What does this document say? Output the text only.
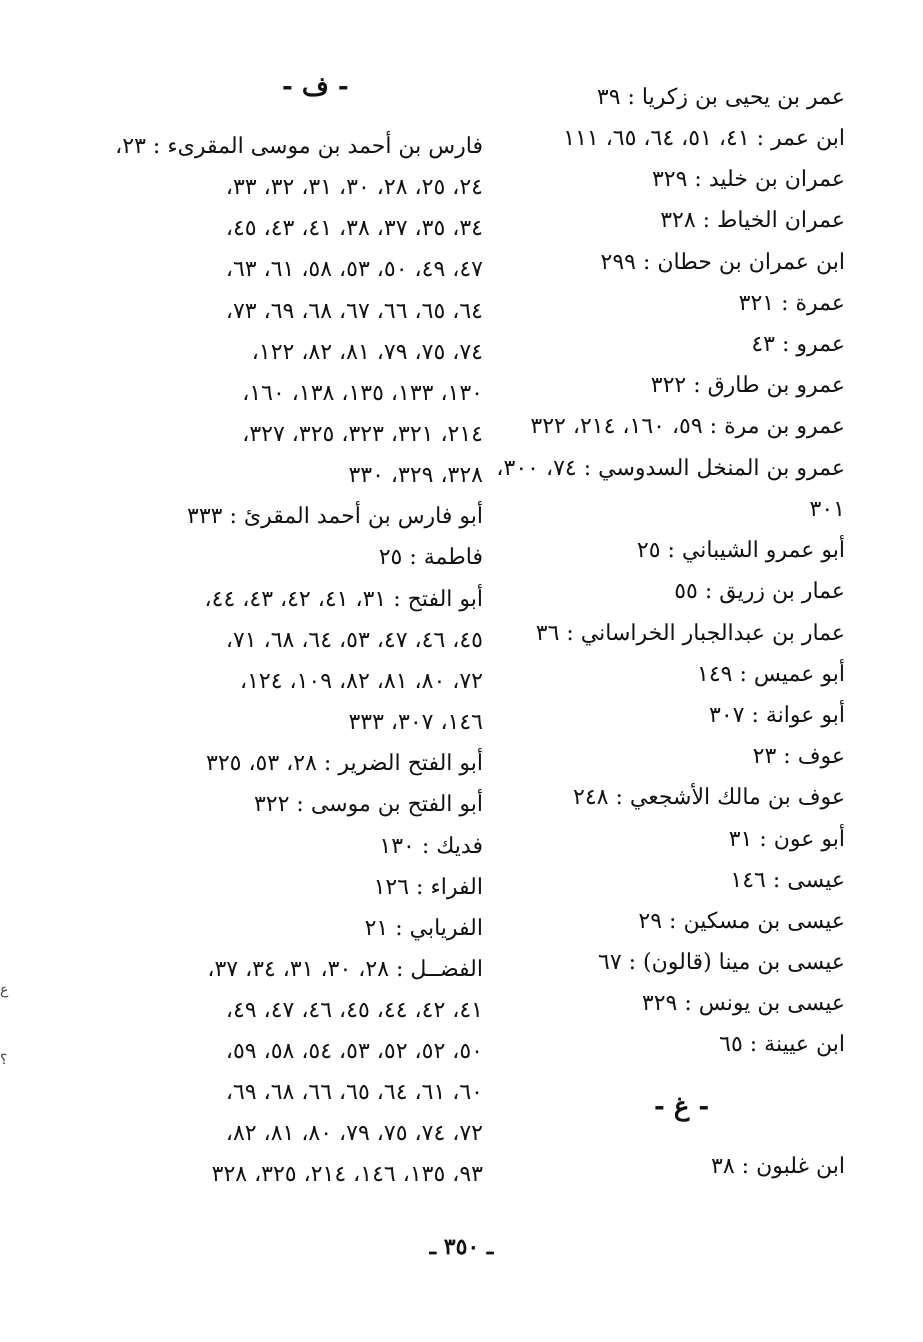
- ف -	عمر بن يحيى بن زكريا : ٣٩
ابن عمر : ٤١، ٥١، ٦٤، ٦٥، ١١١
عمران بن خليد : ٣٢٩
عمران الخياط : ٣٢٨
ابن عمران بن حطان : ٢٩٩
عمرة : ٣٢١
عمرو : ٤٣
عمرو بن طارق : ٣٢٢
عمرو بن مرة : ٥٩، ١٦٠، ٢١٤، ٣٢٢
عمرو بن المنخل السدوسي : ٧٤، ٣٠٠،
٣٠١
أبو عمرو الشيباني : ٢٥
عمار بن زريق : ٥٥
عمار بن عبدالجبار الخراساني : ٣٦
أبو عميس : ١٤٩
أبو عوانة : ٣٠٧
عوف : ٢٣
عوف بن مالك الأشجعي : ٢٤٨
أبو عون : ٣١
عيسى : ١٤٦
عيسى بن مسكين : ٢٩
عيسى بن مينا (قالون) : ٦٧
عيسى بن يونس : ٣٢٩
ابن عيينة : ٦٥
ابن غلبون : ٣٨
- غ -
فارس بن أحمد بن موسى المقرىء : ٢٣،
٢٤، ٢٥، ٢٨، ٣٠، ٣١، ٣٢، ٣٣،
٣٤، ٣٥، ٣٧، ٣٨، ٤١، ٤٣، ٤٥،
٤٧، ٤٩، ٥٠، ٥٣، ٥٨، ٦١، ٦٣،
٦٤، ٦٥، ٦٦، ٦٧، ٦٨، ٦٩، ٧٣،
٧٤، ٧٥، ٧٩، ٨١، ٨٢، ١٢٢،
١٣٠، ١٣٣، ١٣٥، ١٣٨، ١٦٠،
٢١٤، ٣٢١، ٣٢٣، ٣٢٥، ٣٢٧،
٣٢٨، ٣٢٩، ٣٣٠
أبو فارس بن أحمد المقرئ : ٣٣٣
فاطمة : ٢٥
أبو الفتح : ٣١، ٤١، ٤٢، ٤٣، ٤٤،
٤٥، ٤٦، ٤٧، ٥٣، ٦٤، ٦٨، ٧١،
٧٢، ٨٠، ٨١، ٨٢، ١٠٩، ١٢٤،
١٤٦، ٣٠٧، ٣٣٣
أبو الفتح الضرير : ٢٨، ٥٣، ٣٢٥
أبو الفتح بن موسى : ٣٢٢
فديك : ١٣٠
الفراء : ١٢٦
الفريابي : ٢١
الفضــل : ٢٨، ٣٠، ٣١، ٣٤، ٣٧،
٤١، ٤٢، ٤٤، ٤٥، ٤٦، ٤٧، ٤٩،
٥٠، ٥٢، ٥٢، ٥٣، ٥٤، ٥٨، ٥٩،
٦٠، ٦١، ٦٤، ٦٥، ٦٦، ٦٨، ٦٩،
٧٢، ٧٤، ٧٥، ٧٩، ٨٠، ٨١، ٨٢،
٩٣، ١٣٥، ١٤٦، ٢١٤، ٣٢٥، ٣٢٨
ـ ٣٥٠ ـ
ع
؟
